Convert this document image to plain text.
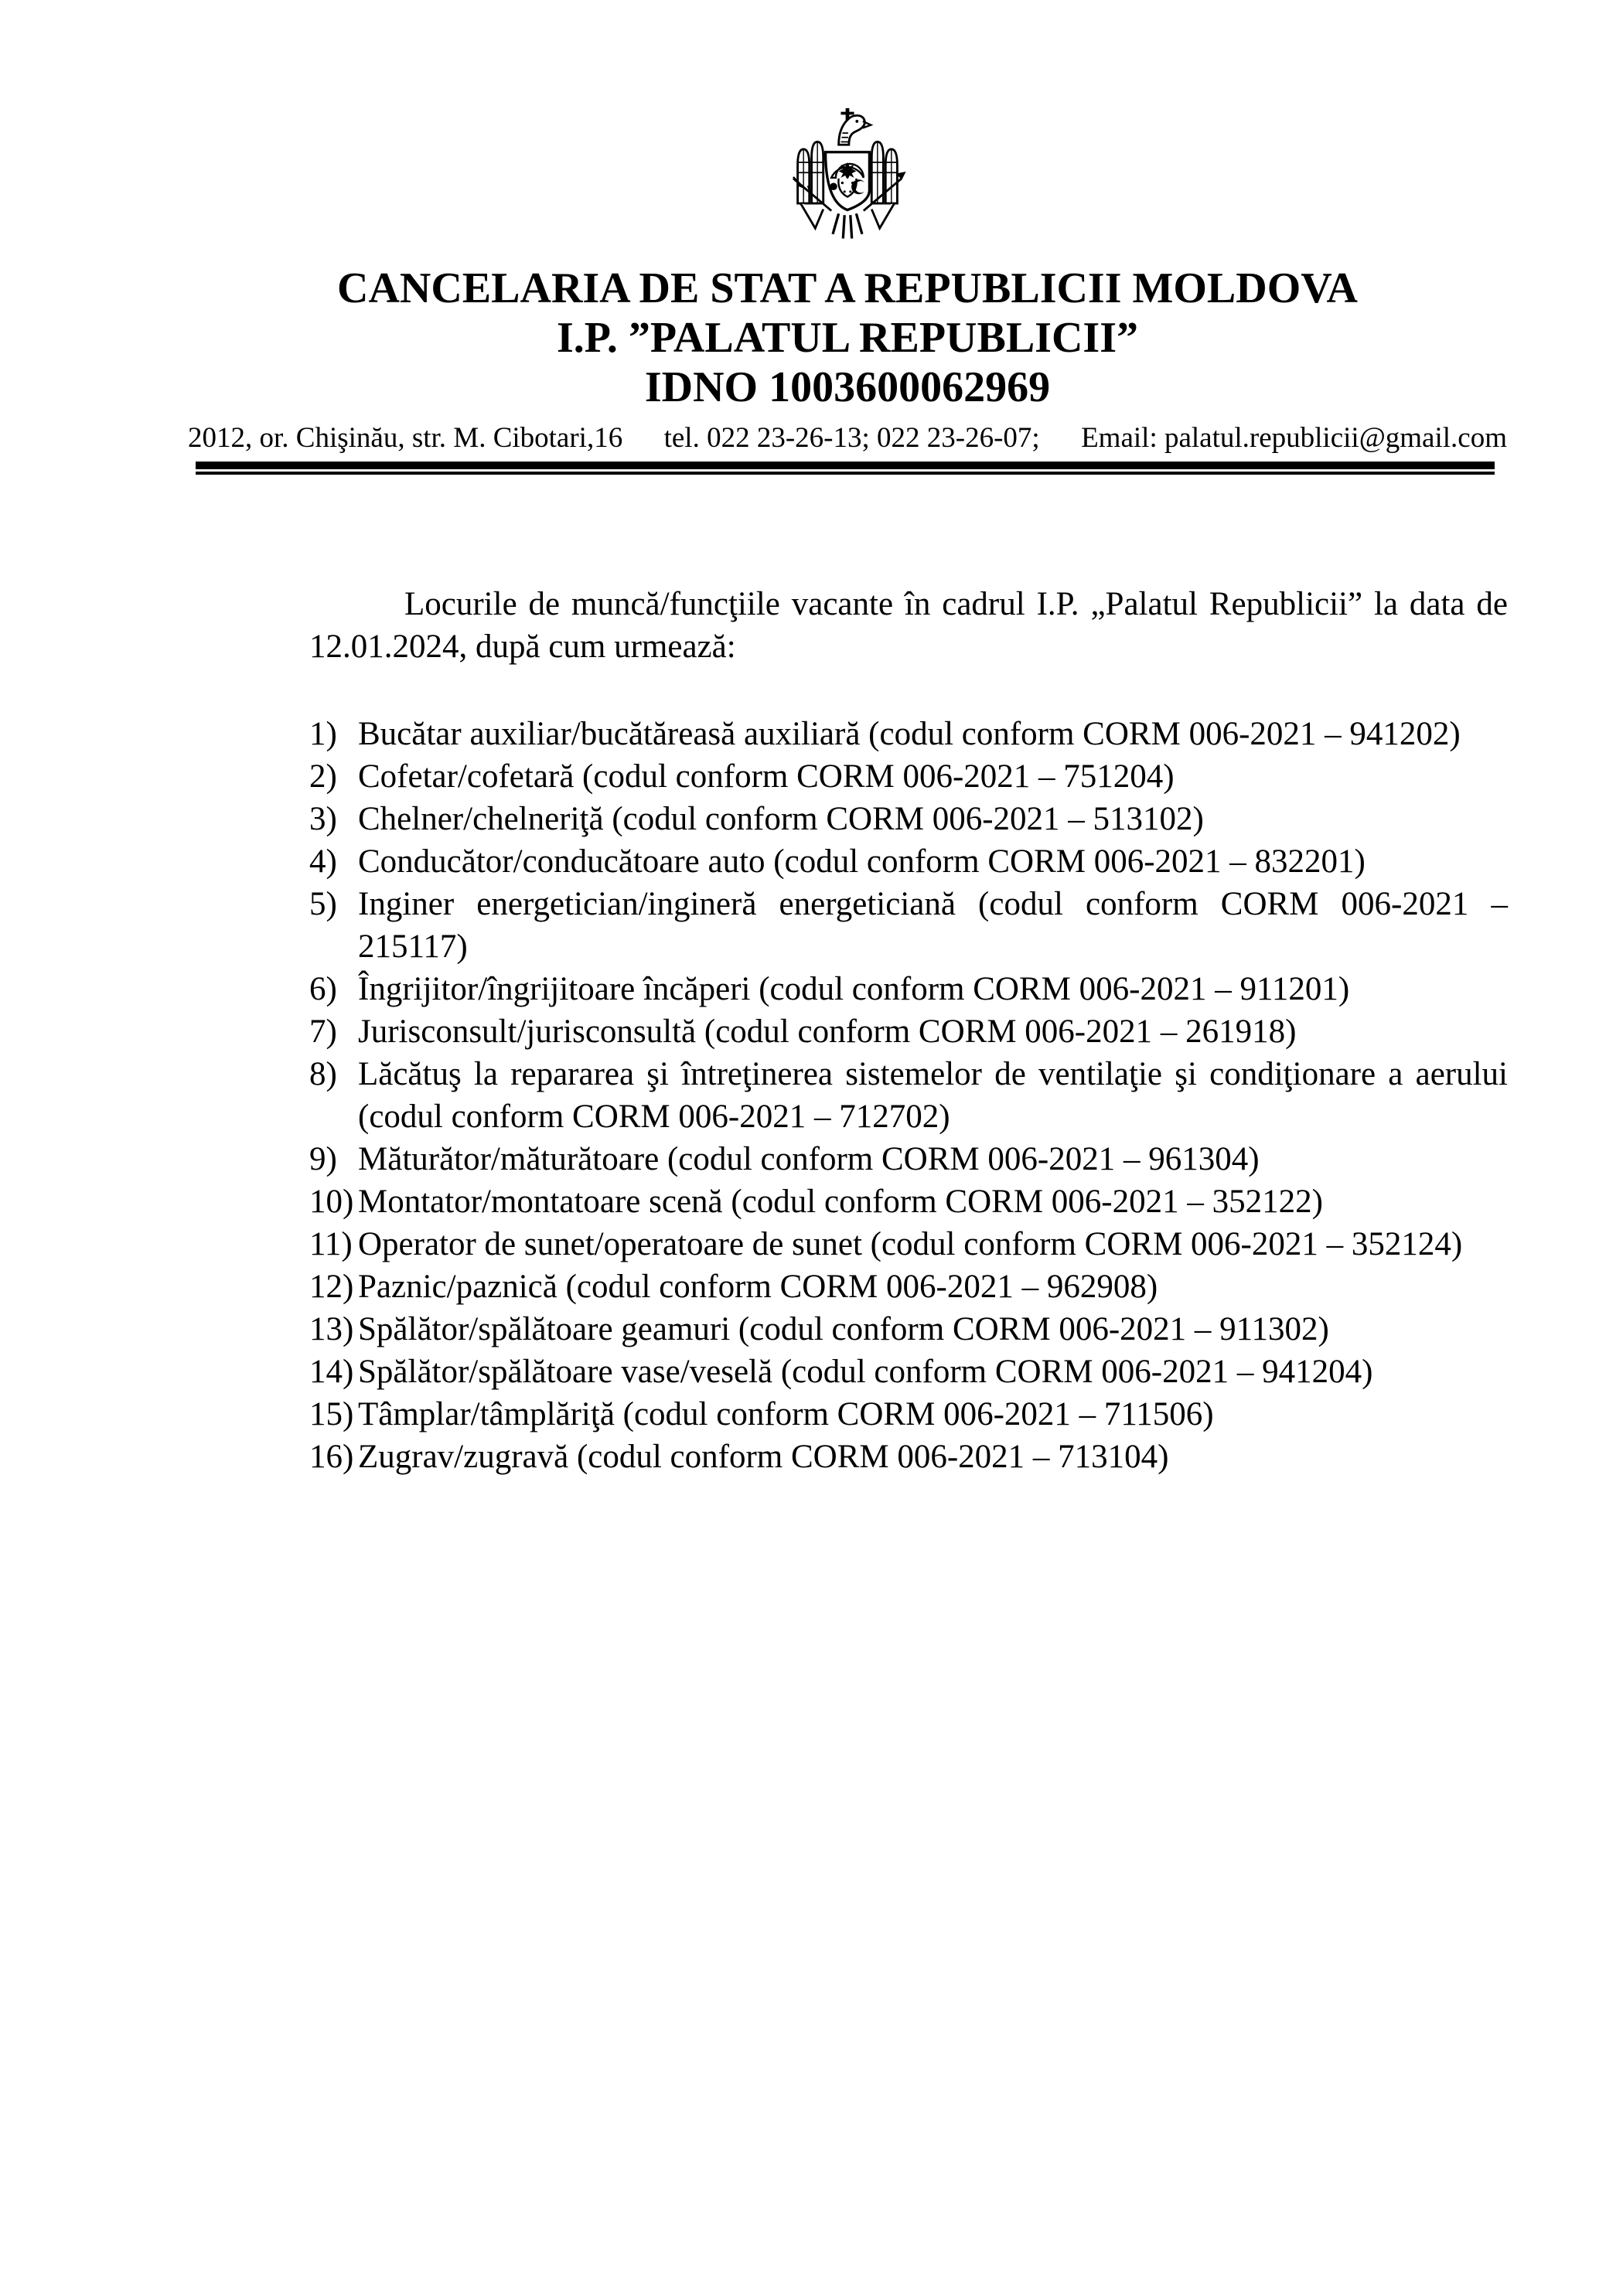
CANCELARIA DE STAT A REPUBLICII MOLDOVA
I.P. ”PALATUL REPUBLICII”
IDNO 1003600062969
2012, or. Chişinău, str. M. Cibotari,16 tel. 022 23-26-13; 022 23-26-07; Email: palatul.republicii@gmail.com
Locurile de muncă/funcţiile vacante în cadrul I.P. „Palatul Republicii” la data de
12.01.2024, după cum urmează:
1) Bucătar auxiliar/bucătăreasă auxiliară (codul conform CORM 006-2021 – 941202)
2) Cofetar/cofetară (codul conform CORM 006-2021 – 751204)
3) Chelner/chelneriţă (codul conform CORM 006-2021 – 513102)
4) Conducător/conducătoare auto (codul conform CORM 006-2021 – 832201)
5) Inginer energetician/ingineră energeticiană (codul conform CORM 006-2021 –
215117)
6) Îngrijitor/îngrijitoare încăperi (codul conform CORM 006-2021 – 911201)
7) Jurisconsult/jurisconsultă (codul conform CORM 006-2021 – 261918)
8) Lăcătuş la repararea şi întreţinerea sistemelor de ventilaţie şi condiţionare a aerului
(codul conform CORM 006-2021 – 712702)
9) Măturător/măturătoare (codul conform CORM 006-2021 – 961304)
10) Montator/montatoare scenă (codul conform CORM 006-2021 – 352122)
11) Operator de sunet/operatoare de sunet (codul conform CORM 006-2021 – 352124)
12) Paznic/paznică (codul conform CORM 006-2021 – 962908)
13) Spălător/spălătoare geamuri (codul conform CORM 006-2021 – 911302)
14) Spălător/spălătoare vase/veselă (codul conform CORM 006-2021 – 941204)
15) Tâmplar/tâmplăriţă (codul conform CORM 006-2021 – 711506)
16) Zugrav/zugravă (codul conform CORM 006-2021 – 713104)
